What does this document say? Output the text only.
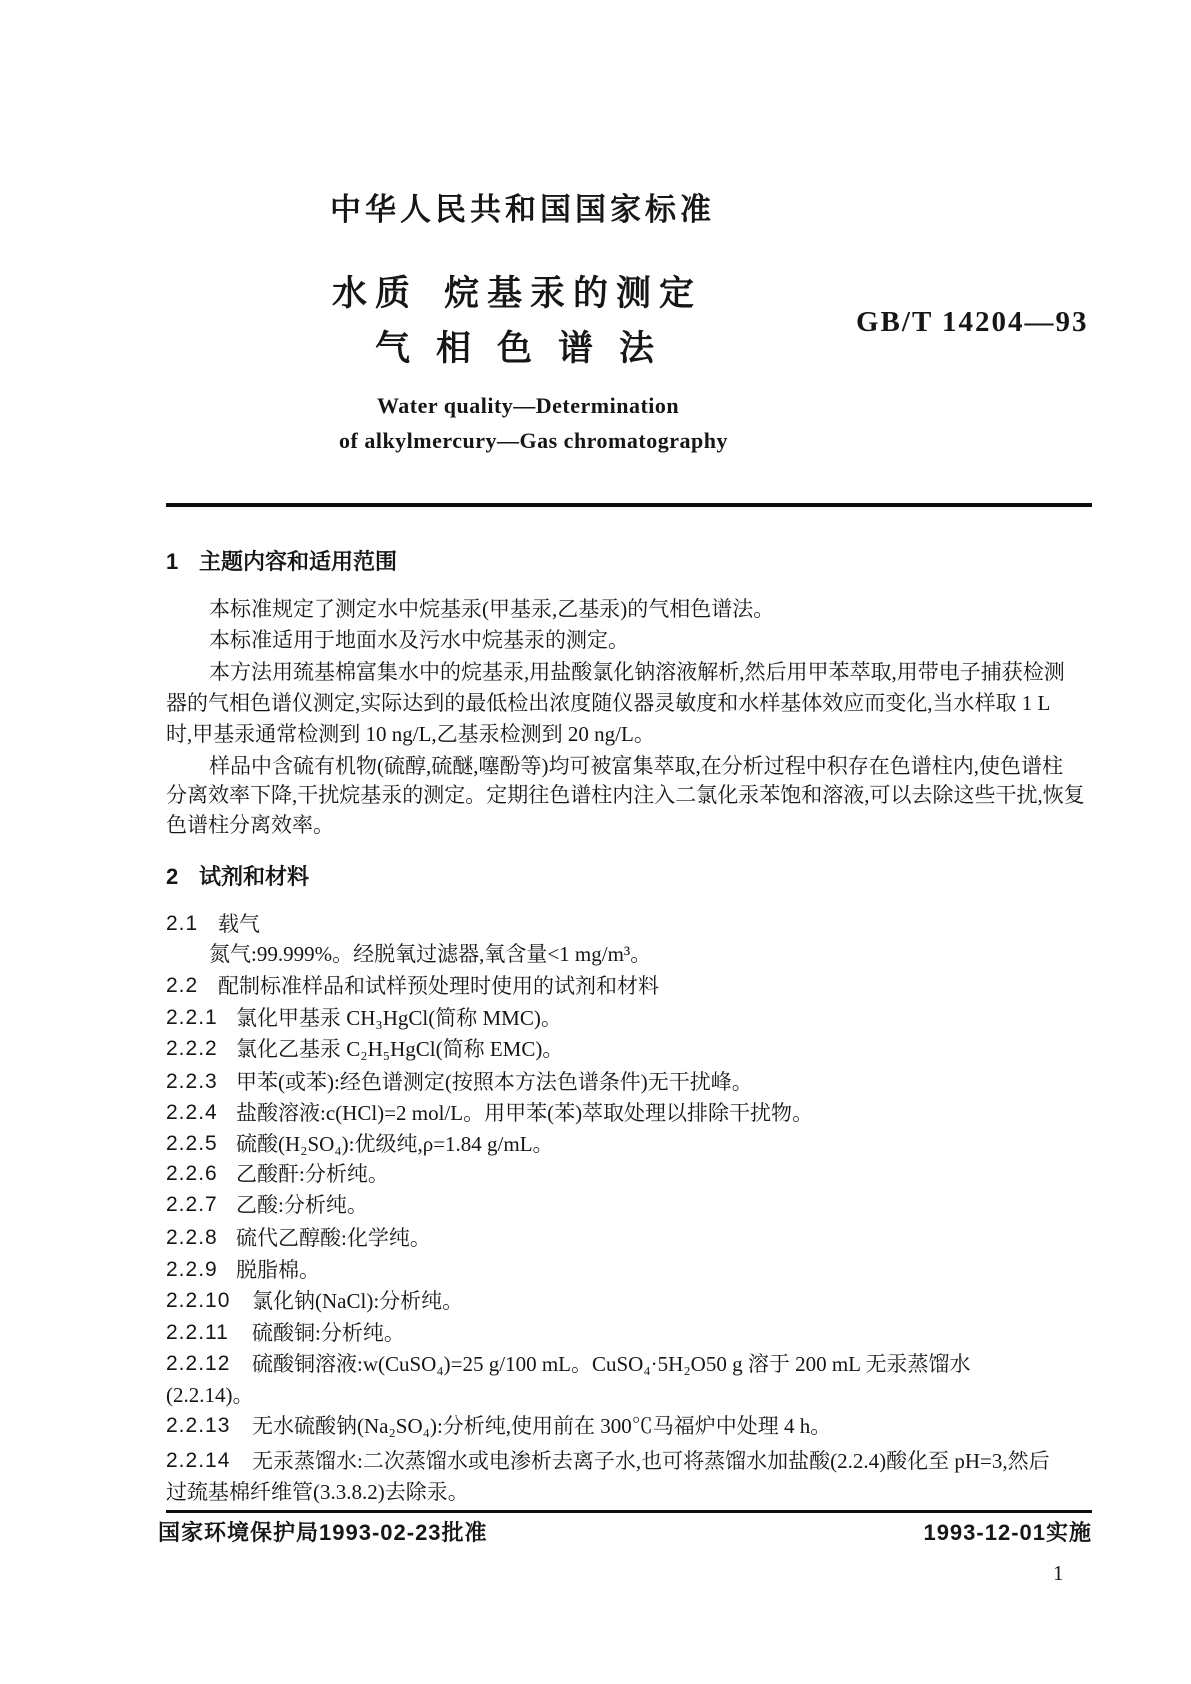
中华人民共和国国家标准
水质 烷基汞的测定
气相色谱法
GB/T 14204—93
Water quality—Determination
of alkylmercury—Gas chromatography
1 主题内容和适用范围
本标准规定了测定水中烷基汞(甲基汞,乙基汞)的气相色谱法。
本标准适用于地面水及污水中烷基汞的测定。
本方法用巯基棉富集水中的烷基汞,用盐酸氯化钠溶液解析,然后用甲苯萃取,用带电子捕获检测
器的气相色谱仪测定,实际达到的最低检出浓度随仪器灵敏度和水样基体效应而变化,当水样取 1 L
时,甲基汞通常检测到 10 ng/L,乙基汞检测到 20 ng/L。
样品中含硫有机物(硫醇,硫醚,噻酚等)均可被富集萃取,在分析过程中积存在色谱柱内,使色谱柱
分离效率下降,干扰烷基汞的测定。定期往色谱柱内注入二氯化汞苯饱和溶液,可以去除这些干扰,恢复
色谱柱分离效率。
2 试剂和材料
2.1 载气
氮气:99.999%。经脱氧过滤器,氧含量<1 mg/m³。
2.2 配制标准样品和试样预处理时使用的试剂和材料
2.2.1 氯化甲基汞 CH₃HgCl(简称 MMC)。
2.2.2 氯化乙基汞 C₂H₅HgCl(简称 EMC)。
2.2.3 甲苯(或苯):经色谱测定(按照本方法色谱条件)无干扰峰。
2.2.4 盐酸溶液:c(HCl)=2 mol/L。用甲苯(苯)萃取处理以排除干扰物。
2.2.5 硫酸(H₂SO₄):优级纯,ρ=1.84 g/mL。
2.2.6 乙酸酐:分析纯。
2.2.7 乙酸:分析纯。
2.2.8 硫代乙醇酸:化学纯。
2.2.9 脱脂棉。
2.2.10	氯化钠(NaCl):分析纯。
2.2.11	硫酸铜:分析纯。
2.2.12	硫酸铜溶液:w(CuSO₄)=25 g/100 mL。CuSO₄·5H₂O50 g 溶于 200 mL 无汞蒸馏水
(2.2.14)。
2.2.13	无水硫酸钠(Na₂SO₄):分析纯,使用前在 300℃马福炉中处理 4 h。
2.2.14	无汞蒸馏水:二次蒸馏水或电渗析去离子水,也可将蒸馏水加盐酸(2.2.4)酸化至 pH=3,然后
过巯基棉纤维管(3.3.8.2)去除汞。
国家环境保护局1993-02-23批准	1993-12-01实施
1
